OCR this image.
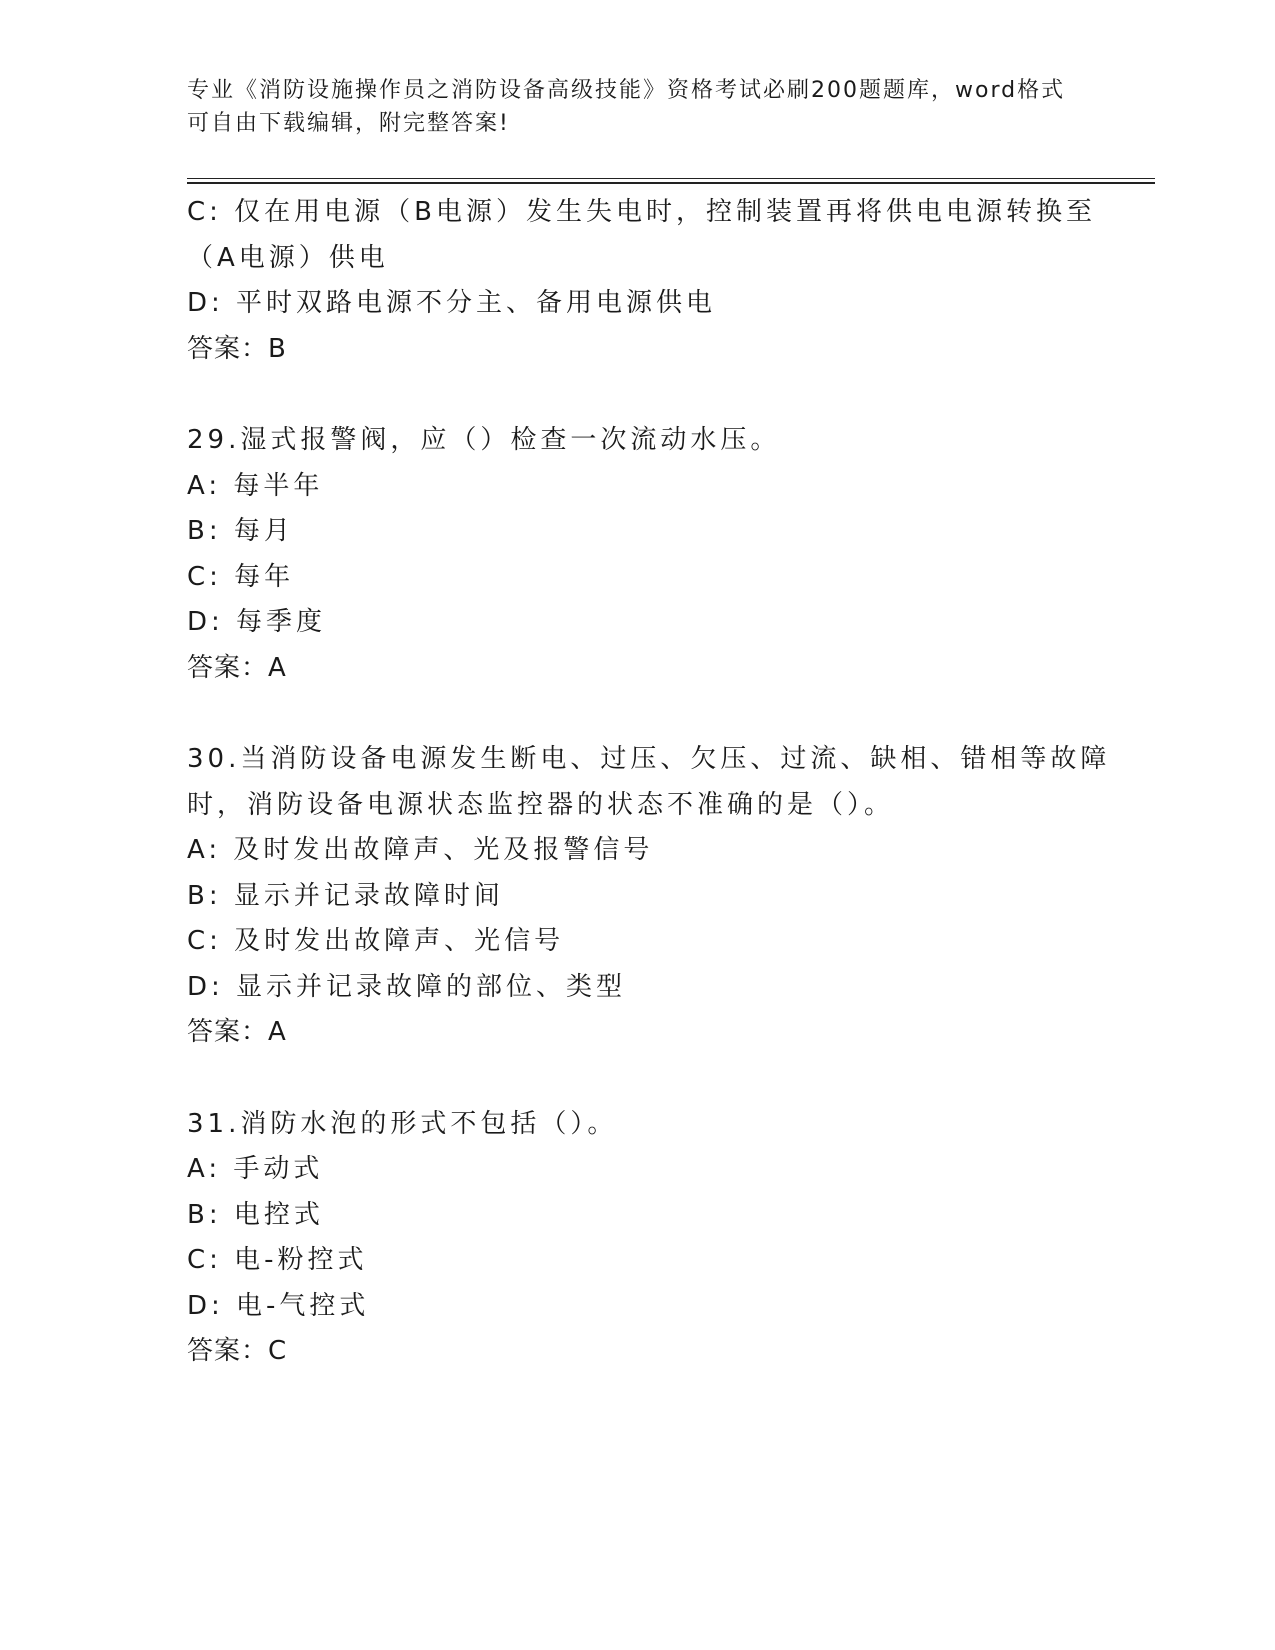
专业《消防设施操作员之消防设备高级技能》资格考试必刷200题题库，word格式可自由下载编辑，附完整答案!
C: 仅在用电源（B电源）发生失电时，控制装置再将供电电源转换至
（A电源）供电
D: 平时双路电源不分主、备用电源供电
答案：B
29.湿式报警阀，应（）检查一次流动水压。
A: 每半年
B: 每月
C: 每年
D: 每季度
答案：A
30.当消防设备电源发生断电、过压、欠压、过流、缺相、错相等故障
时，消防设备电源状态监控器的状态不准确的是（）。
A: 及时发出故障声、光及报警信号
B: 显示并记录故障时间
C: 及时发出故障声、光信号
D: 显示并记录故障的部位、类型
答案：A
31.消防水泡的形式不包括（）。
A: 手动式
B: 电控式
C: 电-粉控式
D: 电-气控式
答案：C
